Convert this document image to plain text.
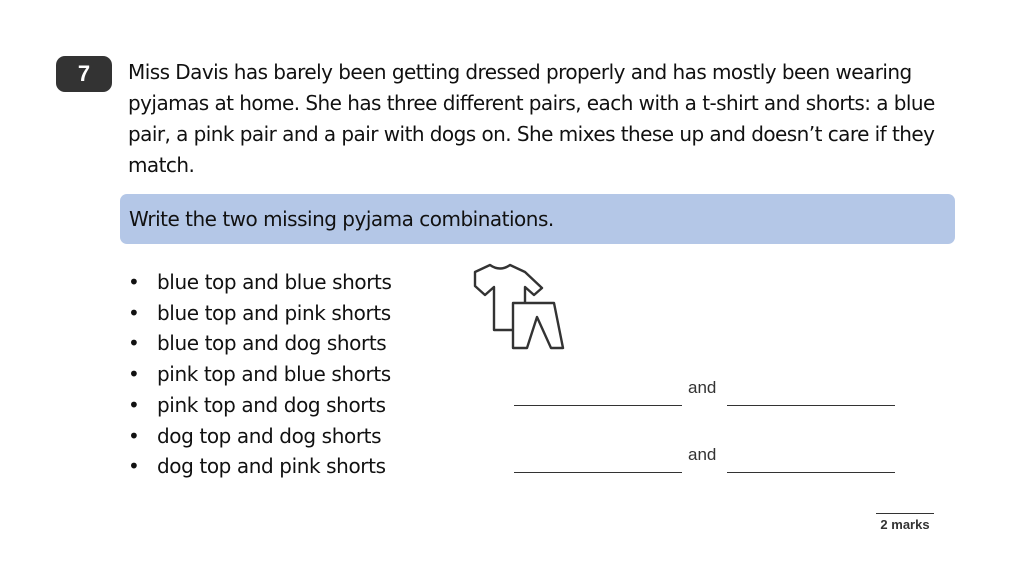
7	Miss Davis has barely been getting dressed properly and has mostly been wearing pyjamas at home. She has three different pairs, each with a t-shirt and shorts: a blue pair, a pink pair and a pair with dogs on. She mixes these up and doesn’t care if they match.

Write the two missing pyjama combinations.
• blue top and blue shorts
• blue top and pink shorts
• blue top and dog shorts
• pink top and blue shorts
• pink top and dog shorts
• dog top and dog shorts
• dog top and pink shorts
and
and
2 marks
